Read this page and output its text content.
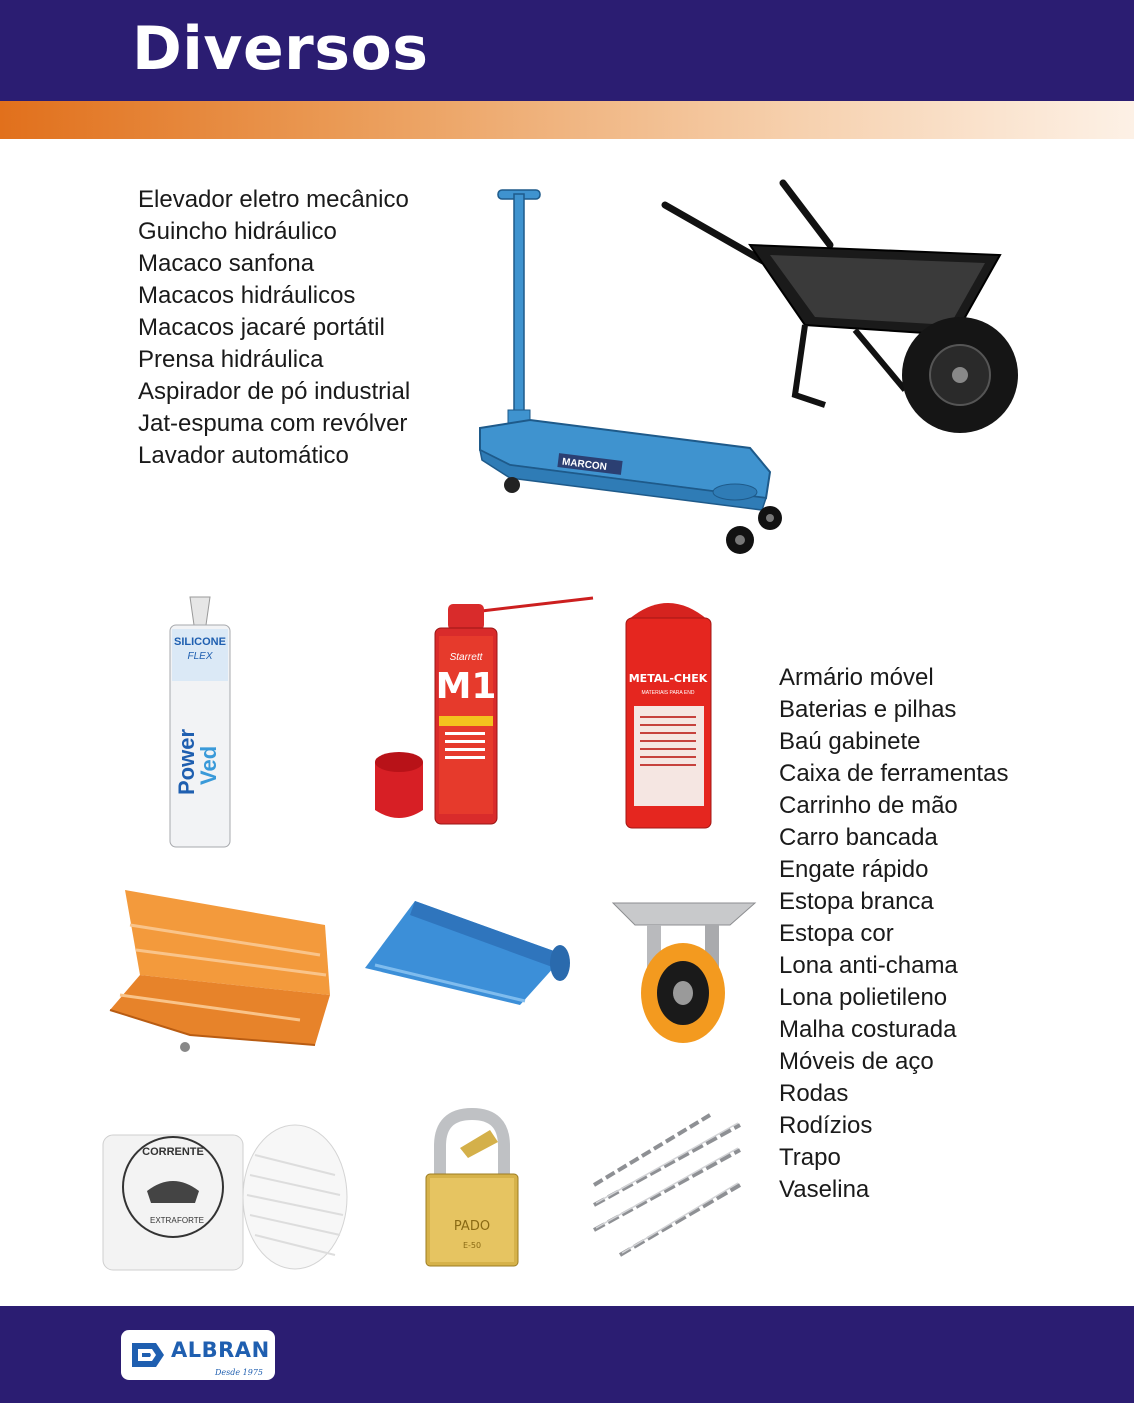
Diversos
Elevador eletro mecânico
Guincho hidráulico
Macaco sanfona
Macacos hidráulicos
Macacos jacaré portátil
Prensa hidráulica
Aspirador de pó industrial
Jat-espuma com revólver
Lavador automático	MARCON
SILICONE
FLEX
Power
Ved
Starrett
M1	METAL-CHEK
MATERIAIS PARA END
Armário móvel
Baterias e pilhas
Baú gabinete
Caixa de ferramentas
Carrinho de mão
Carro bancada
Engate rápido
Estopa branca
Estopa cor
Lona anti-chama
Lona polietileno
Malha costurada
Móveis de aço
Rodas
Rodízios
Trapo
Vaselina
CORRENTE
EXTRA FORTE	PADO
E-50
ALBRAN
Desde 1975
